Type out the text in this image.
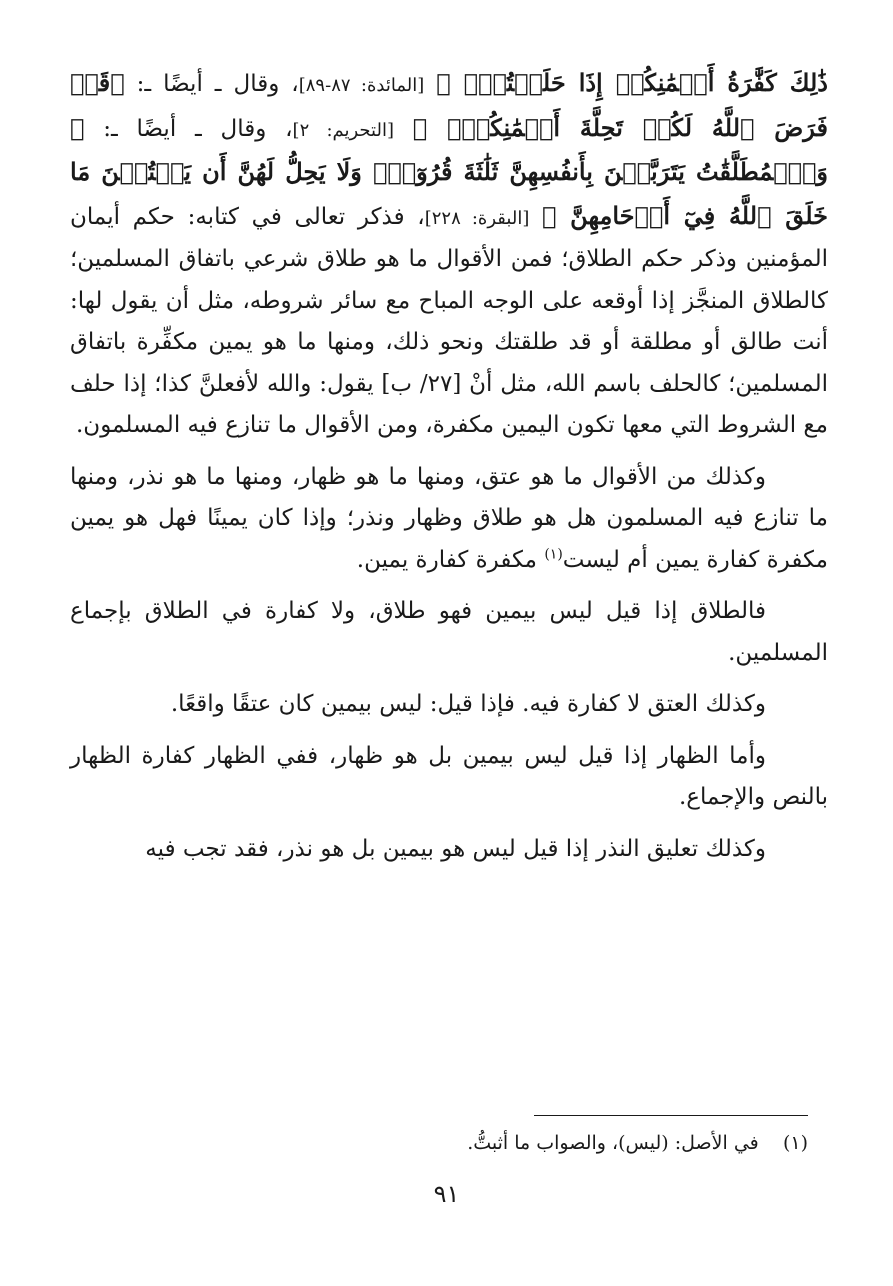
ذَٰلِكَ كَفَّٰرَةُ أَيۡمَٰنِكُمۡ إِذَا حَلَفۡتُمۡۚ ﴾ [المائدة: ٨٧-٨٩]، وقال ـ أيضًا ـ: ﴿قَدۡ فَرَضَ ٱللَّهُ لَكُمۡ تَحِلَّةَ أَيۡمَٰنِكُمۡۚ ﴾ [التحريم: ٢]، وقال ـ أيضًا ـ: ﴿ وَٱلۡمُطَلَّقَٰتُ يَتَرَبَّصۡنَ بِأَنفُسِهِنَّ ثَلَٰثَةَ قُرُوٓءٖۚ وَلَا يَحِلُّ لَهُنَّ أَن يَكۡتُمۡنَ مَا خَلَقَ ٱللَّهُ فِيٓ أَرۡحَامِهِنَّ ﴾ [البقرة: ٢٢٨]، فذكر تعالى في كتابه: حكم أيمان المؤمنين وذكر حكم الطلاق؛ فمن الأقوال ما هو طلاق شرعي باتفاق المسلمين؛ كالطلاق المنجَّز إذا أوقعه على الوجه المباح مع سائر شروطه، مثل أن يقول لها: أنت طالق أو مطلقة أو قد طلقتك ونحو ذلك، ومنها ما هو يمين مكفِّرة باتفاق المسلمين؛ كالحلف باسم الله، مثل أنْ [٢٧/ ب] يقول: والله لأفعلنَّ كذا؛ إذا حلف مع الشروط التي معها تكون اليمين مكفرة، ومن الأقوال ما تنازع فيه المسلمون.

وكذلك من الأقوال ما هو عتق، ومنها ما هو ظهار، ومنها ما هو نذر، ومنها ما تنازع فيه المسلمون هل هو طلاق وظهار ونذر؛ وإذا كان يمينًا فهل هو يمين مكفرة كفارة يمين أم ليست$^{(١)}$ مكفرة كفارة يمين.

فالطلاق إذا قيل ليس بيمين فهو طلاق، ولا كفارة في الطلاق بإجماع المسلمين.

وكذلك العتق لا كفارة فيه. فإذا قيل: ليس بيمين كان عتقًا واقعًا.

وأما الظهار إذا قيل ليس بيمين بل هو ظهار، ففي الظهار كفارة الظهار بالنص والإجماع.

وكذلك تعليق النذر إذا قيل ليس هو بيمين بل هو نذر، فقد تجب فيه

(١)    في الأصل: (ليس)، والصواب ما أثبتُّ.
٩١
